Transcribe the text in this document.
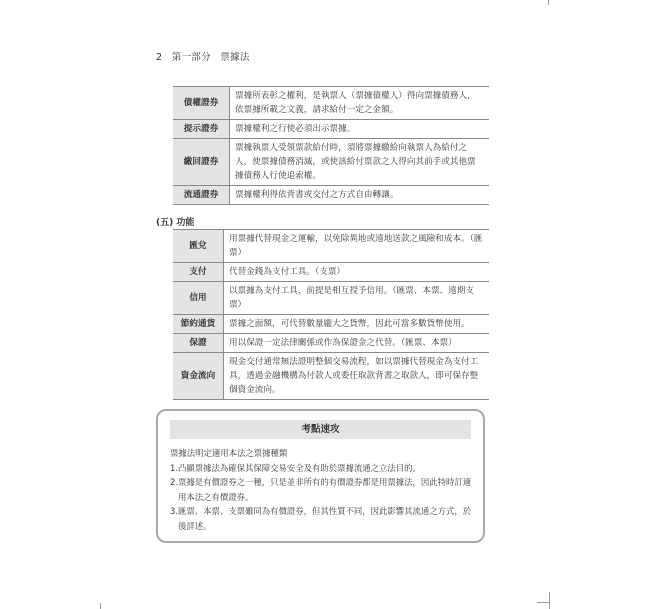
2 第一部分 票據法
債權證券	票據所表彰之權利，是執票人（票據債權人）得向票據債務人，依票據所載之文義，請求給付一定之金額。
提示證券	票據權利之行使必須出示票據。
繳回證券	票據執票人受領票款給付時，須將票據繳給向執票人為給付之人，使票據債務消滅，或使該給付票款之人得向其前手或其他票據債務人行使追索權。
流通證券	票據權利得依背書或交付之方式自由轉讓。
(五) 功能
匯兌	用票據代替現金之運輸，以免除異地或遠地送款之風險和成本。（匯票）
支付	代替金錢為支付工具。（支票）
信用	以票據為支付工具，前提是相互授予信用。（匯票、本票、遠期支票）
節約通貨	票據之面額，可代替數量龐大之貨幣，因此可當多數貨幣使用。
保證	用以保證一定法律關係或作為保證金之代替。（匯票、本票）
資金流向	現金交付通常無法證明整個交易流程，如以票據代替現金為支付工具，透過金融機構為付款人或委任取款背書之取款人，即可保存整個資金流向。
考點速攻

票據法明定適用本法之票據種類

1.凸顯票據法為確保其保障交易安全及有助於票據流通之立法目的。

2.票據是有價證券之一種，只是並非所有的有價證券都是用票據法，因此特時訂適用本法之有價證券。

3.匯票、本票、支票雖同為有價證券，但其性質不同，因此影響其流通之方式，於後詳述。
